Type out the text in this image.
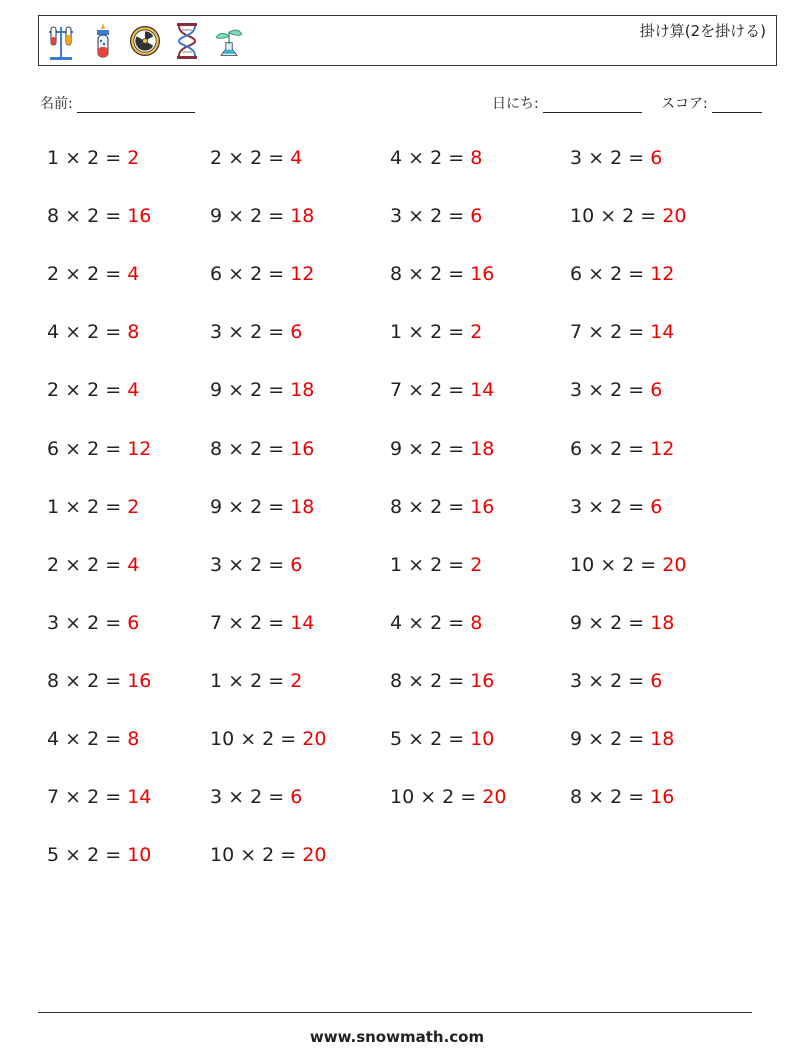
掛け算(2を掛ける)
名前:	日にち:	スコア:
1 × 2 = 2	2 × 2 = 4	4 × 2 = 8	3 × 2 = 6
8 × 2 = 16	9 × 2 = 18	3 × 2 = 6	10 × 2 = 20
2 × 2 = 4	6 × 2 = 12	8 × 2 = 16	6 × 2 = 12
4 × 2 = 8	3 × 2 = 6	1 × 2 = 2	7 × 2 = 14
2 × 2 = 4	9 × 2 = 18	7 × 2 = 14	3 × 2 = 6
6 × 2 = 12	8 × 2 = 16	9 × 2 = 18	6 × 2 = 12
1 × 2 = 2	9 × 2 = 18	8 × 2 = 16	3 × 2 = 6
2 × 2 = 4	3 × 2 = 6	1 × 2 = 2	10 × 2 = 20
3 × 2 = 6	7 × 2 = 14	4 × 2 = 8	9 × 2 = 18
8 × 2 = 16	1 × 2 = 2	8 × 2 = 16	3 × 2 = 6
4 × 2 = 8	10 × 2 = 20	5 × 2 = 10	9 × 2 = 18
7 × 2 = 14	3 × 2 = 6	10 × 2 = 20	8 × 2 = 16
5 × 2 = 10	10 × 2 = 20
www.snowmath.com
